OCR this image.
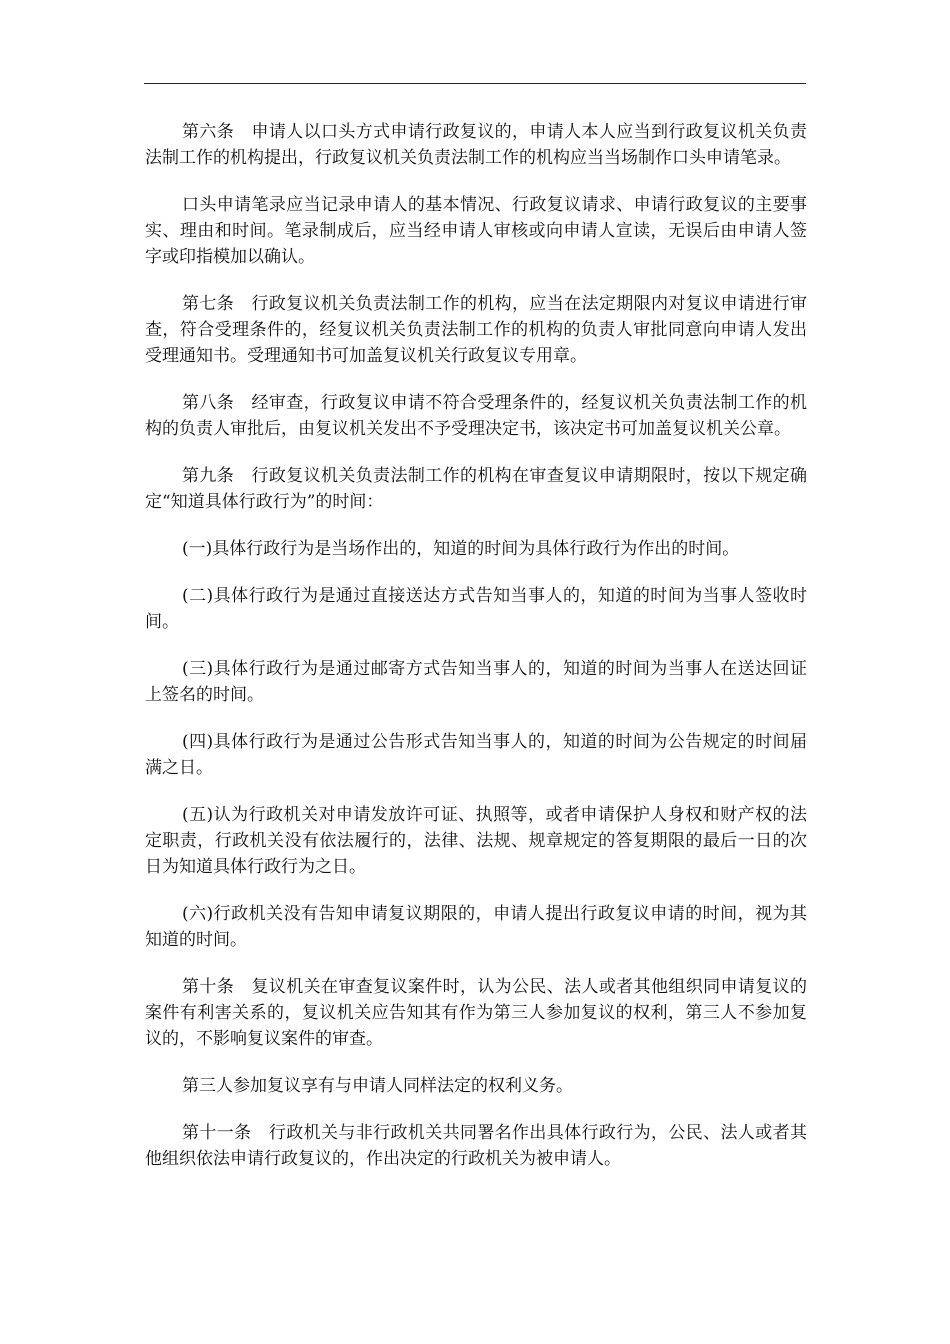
第六条　申请人以口头方式申请行政复议的，申请人本人应当到行政复议机关负责法制工作的机构提出，行政复议机关负责法制工作的机构应当当场制作口头申请笔录。

口头申请笔录应当记录申请人的基本情况、行政复议请求、申请行政复议的主要事实、理由和时间。笔录制成后，应当经申请人审核或向申请人宣读，无误后由申请人签字或印指模加以确认。

第七条　行政复议机关负责法制工作的机构，应当在法定期限内对复议申请进行审查，符合受理条件的，经复议机关负责法制工作的机构的负责人审批同意向申请人发出受理通知书。受理通知书可加盖复议机关行政复议专用章。

第八条　经审查，行政复议申请不符合受理条件的，经复议机关负责法制工作的机构的负责人审批后，由复议机关发出不予受理决定书，该决定书可加盖复议机关公章。

第九条　行政复议机关负责法制工作的机构在审查复议申请期限时，按以下规定确定“知道具体行政行为”的时间：

(一)具体行政行为是当场作出的，知道的时间为具体行政行为作出的时间。

(二)具体行政行为是通过直接送达方式告知当事人的，知道的时间为当事人签收时间。

(三)具体行政行为是通过邮寄方式告知当事人的，知道的时间为当事人在送达回证上签名的时间。

(四)具体行政行为是通过公告形式告知当事人的，知道的时间为公告规定的时间届满之日。

(五)认为行政机关对申请发放许可证、执照等，或者申请保护人身权和财产权的法定职责，行政机关没有依法履行的，法律、法规、规章规定的答复期限的最后一日的次日为知道具体行政行为之日。

(六)行政机关没有告知申请复议期限的，申请人提出行政复议申请的时间，视为其知道的时间。

第十条　复议机关在审查复议案件时，认为公民、法人或者其他组织同申请复议的案件有利害关系的，复议机关应告知其有作为第三人参加复议的权利，第三人不参加复议的，不影响复议案件的审查。

第三人参加复议享有与申请人同样法定的权利义务。

第十一条　行政机关与非行政机关共同署名作出具体行政行为，公民、法人或者其他组织依法申请行政复议的，作出决定的行政机关为被申请人。
